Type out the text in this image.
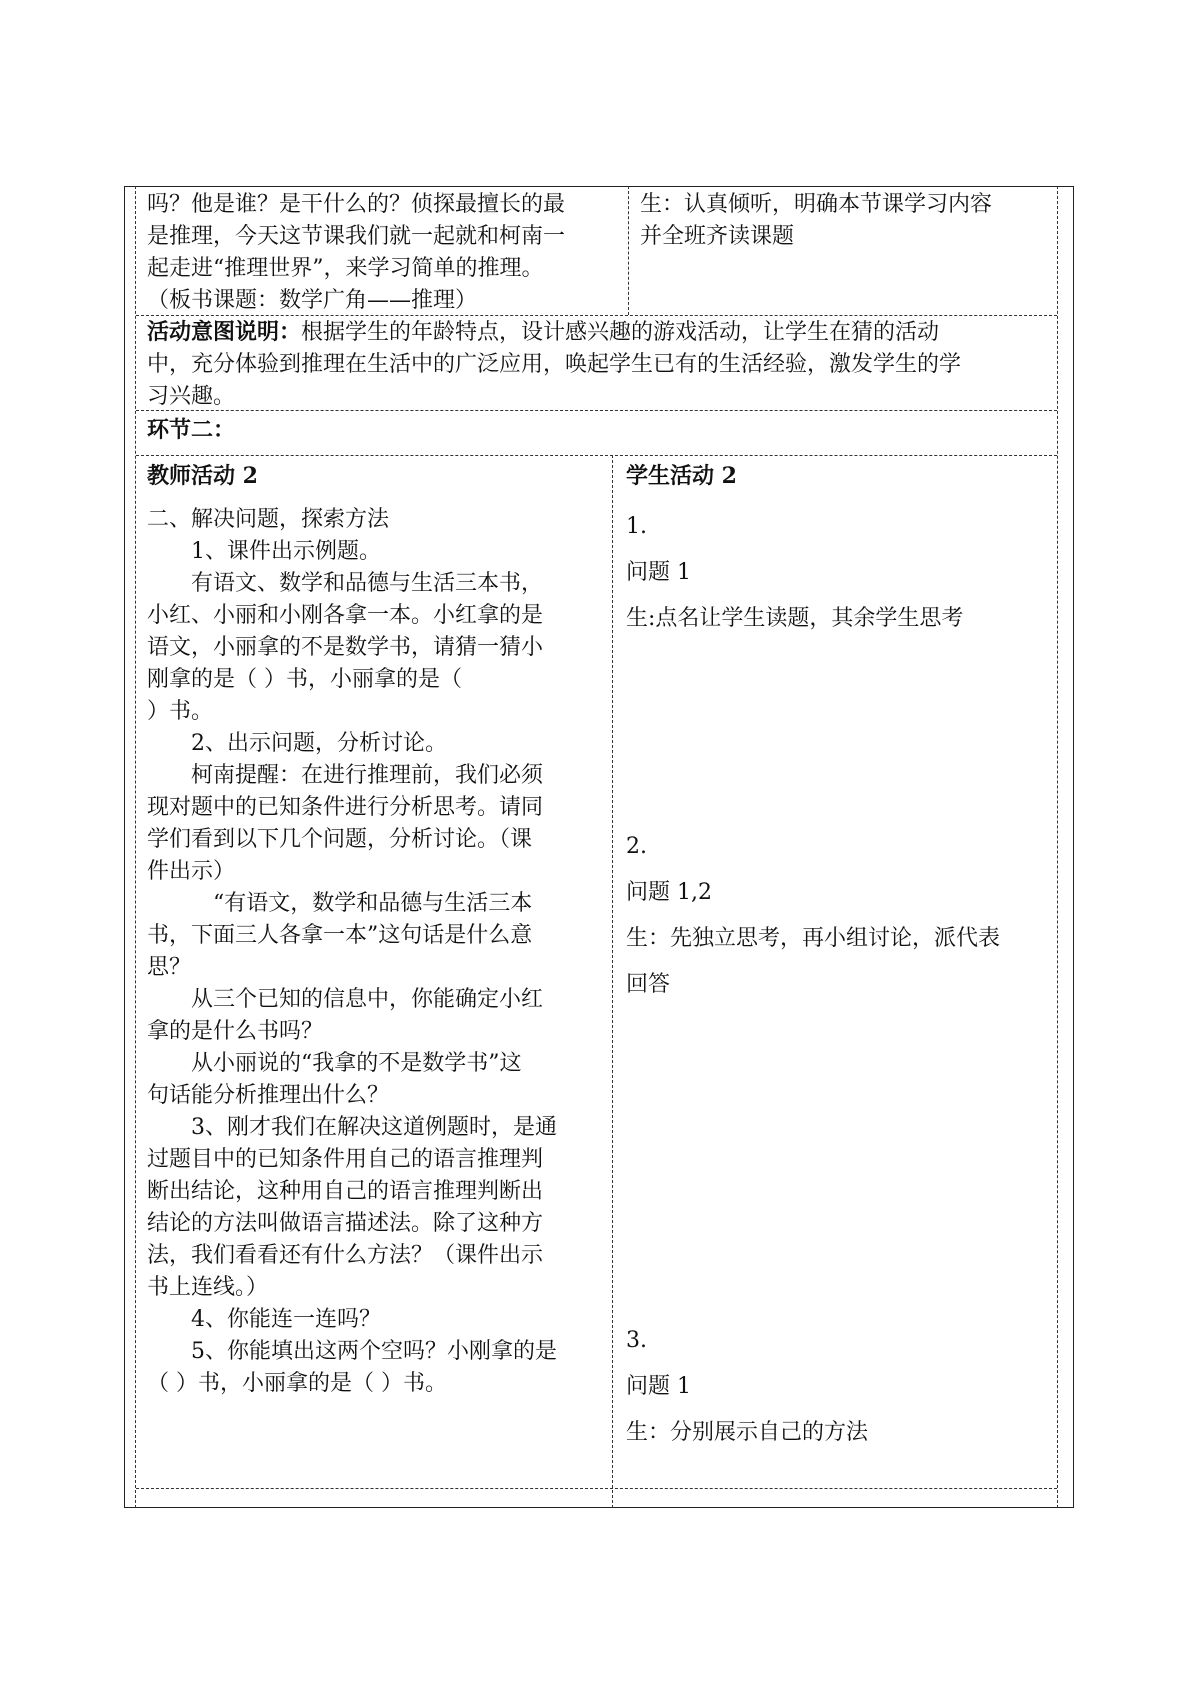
吗？他是谁？是干什么的？侦探最擅长的最

是推理，今天这节课我们就一起就和柯南一

起走进“推理世界”，来学习简单的推理。

（板书课题：数学广角——推理）

生：认真倾听，明确本节课学习内容

并全班齐读课题

活动意图说明：根据学生的年龄特点，设计感兴趣的游戏活动，让学生在猜的活动

中，充分体验到推理在生活中的广泛应用，唤起学生已有的生活经验，激发学生的学

习兴趣。

环节二：
教师活动 2

二、解决问题，探索方法

1、课件出示例题。

有语文、数学和品德与生活三本书，

小红、小丽和小刚各拿一本。小红拿的是

语文，小丽拿的不是数学书，请猜一猜小

刚拿的是（ ）书，小丽拿的是（

）书。

2、出示问题，分析讨论。

柯南提醒：在进行推理前，我们必须

现对题中的已知条件进行分析思考。请同

学们看到以下几个问题，分析讨论。（课

件出示）

“有语文，数学和品德与生活三本

书，下面三人各拿一本”这句话是什么意

思？

从三个已知的信息中，你能确定小红

拿的是什么书吗？

从小丽说的“我拿的不是数学书”这

句话能分析推理出什么？

3、刚才我们在解决这道例题时，是通

过题目中的已知条件用自己的语言推理判

断出结论，这种用自己的语言推理判断出

结论的方法叫做语言描述法。除了这种方

法，我们看看还有什么方法？（课件出示

书上连线。）

4、你能连一连吗？

5、你能填出这两个空吗？小刚拿的是

（ ）书，小丽拿的是（ ）书。

学生活动 2

1.

问题 1

生:点名让学生读题，其余学生思考

2.

问题 1,2

生：先独立思考，再小组讨论，派代表

回答

3.

问题 1

生：分别展示自己的方法
